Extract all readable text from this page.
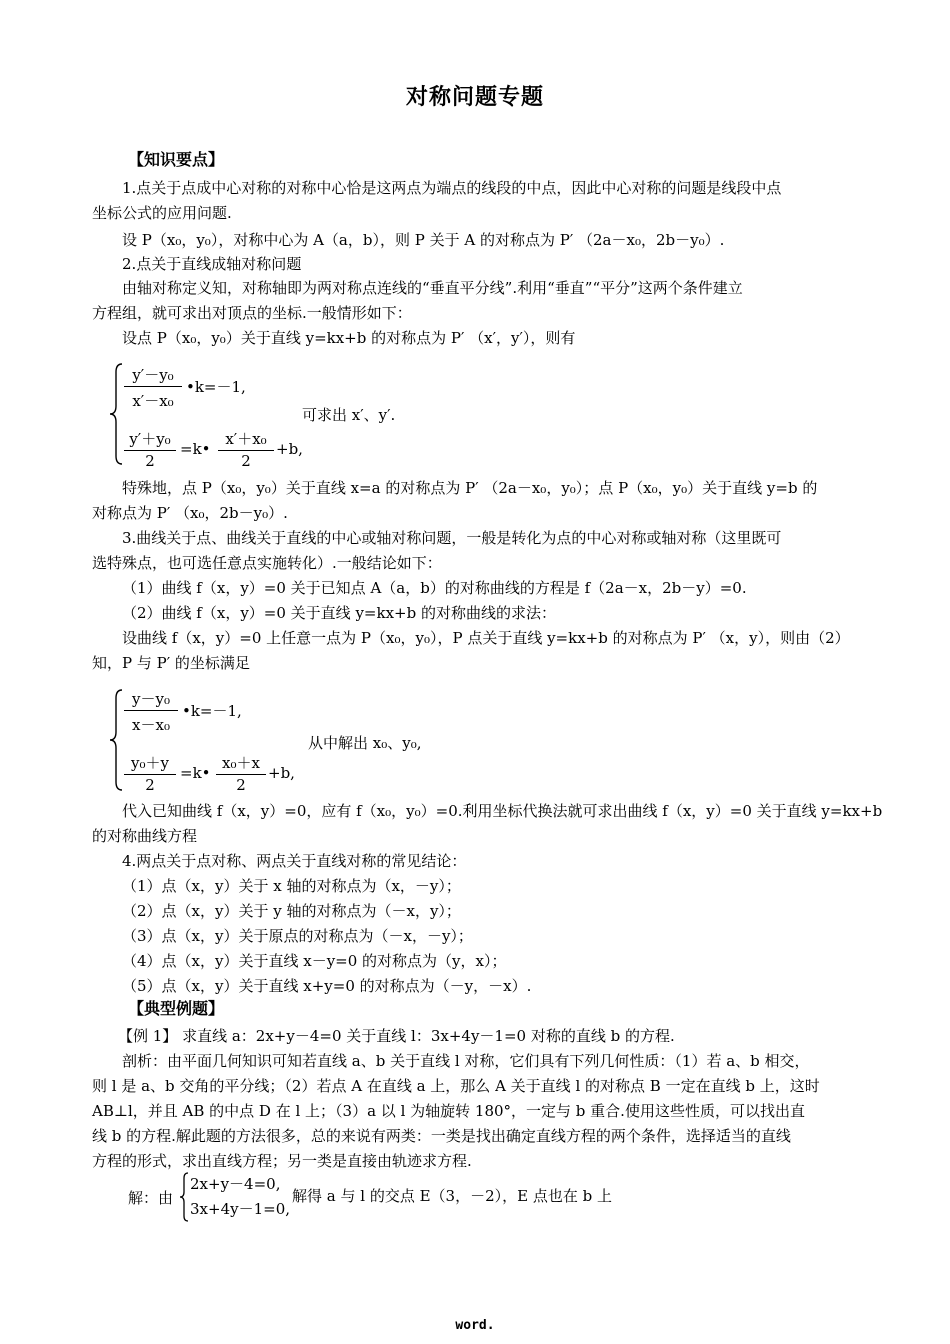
对称问题专题
【知识要点】
1.点关于点成中心对称的对称中心恰是这两点为端点的线段的中点，因此中心对称的问题是线段中点
坐标公式的应用问题.
设 P（x₀，y₀），对称中心为 A（a，b），则 P 关于 A 的对称点为 P′ （2a－x₀，2b－y₀）.
2.点关于直线成轴对称问题
由轴对称定义知，对称轴即为两对称点连线的“垂直平分线”.利用“垂直”“平分”这两个条件建立
方程组，就可求出对顶点的坐标.一般情形如下：
设点 P（x₀，y₀）关于直线 y=kx+b 的对称点为 P′ （x′，y′），则有
y′－y₀
x′－x₀
•k=－1,
y′＋y₀
2
=k•
x′＋x₀
2
+b,
可求出 x′、y′.
特殊地，点 P（x₀，y₀）关于直线 x=a 的对称点为 P′ （2a－x₀，y₀）；点 P（x₀，y₀）关于直线 y=b 的
对称点为 P′ （x₀，2b－y₀）.
3.曲线关于点、曲线关于直线的中心或轴对称问题，一般是转化为点的中心对称或轴对称（这里既可
选特殊点，也可选任意点实施转化）.一般结论如下：
（1）曲线 f（x，y）=0 关于已知点 A（a，b）的对称曲线的方程是 f（2a－x，2b－y）=0.
（2）曲线 f（x，y）=0 关于直线 y=kx+b 的对称曲线的求法：
设曲线 f（x，y）=0 上任意一点为 P（x₀，y₀），P 点关于直线 y=kx+b 的对称点为 P′ （x，y），则由（2）
知，P 与 P′ 的坐标满足
y－y₀
x－x₀
•k=－1,
y₀＋y
2
=k•
x₀＋x
2
+b,
从中解出 x₀、y₀,
代入已知曲线 f（x，y）=0，应有 f（x₀，y₀）=0.利用坐标代换法就可求出曲线 f（x，y）=0 关于直线 y=kx+b
的对称曲线方程
4.两点关于点对称、两点关于直线对称的常见结论：
（1）点（x，y）关于 x 轴的对称点为（x，－y）；
（2）点（x，y）关于 y 轴的对称点为（－x，y）；
（3）点（x，y）关于原点的对称点为（－x，－y）；
（4）点（x，y）关于直线 x－y=0 的对称点为（y，x）；
（5）点（x，y）关于直线 x+y=0 的对称点为（－y，－x）.
【典型例题】
【例 1】 求直线 a：2x+y－4=0 关于直线 l：3x+4y－1=0 对称的直线 b 的方程.
剖析：由平面几何知识可知若直线 a、b 关于直线 l 对称，它们具有下列几何性质：（1）若 a、b 相交，
则 l 是 a、b 交角的平分线；（2）若点 A 在直线 a 上，那么 A 关于直线 l 的对称点 B 一定在直线 b 上，这时
AB⊥l，并且 AB 的中点 D 在 l 上；（3）a 以 l 为轴旋转 180°，一定与 b 重合.使用这些性质，可以找出直
线 b 的方程.解此题的方法很多，总的来说有两类：一类是找出确定直线方程的两个条件，选择适当的直线
方程的形式，求出直线方程；另一类是直接由轨迹求方程.
解：由
2x+y－4=0,
3x+4y－1=0,
解得 a 与 l 的交点 E（3，－2），E 点也在 b 上
word.
